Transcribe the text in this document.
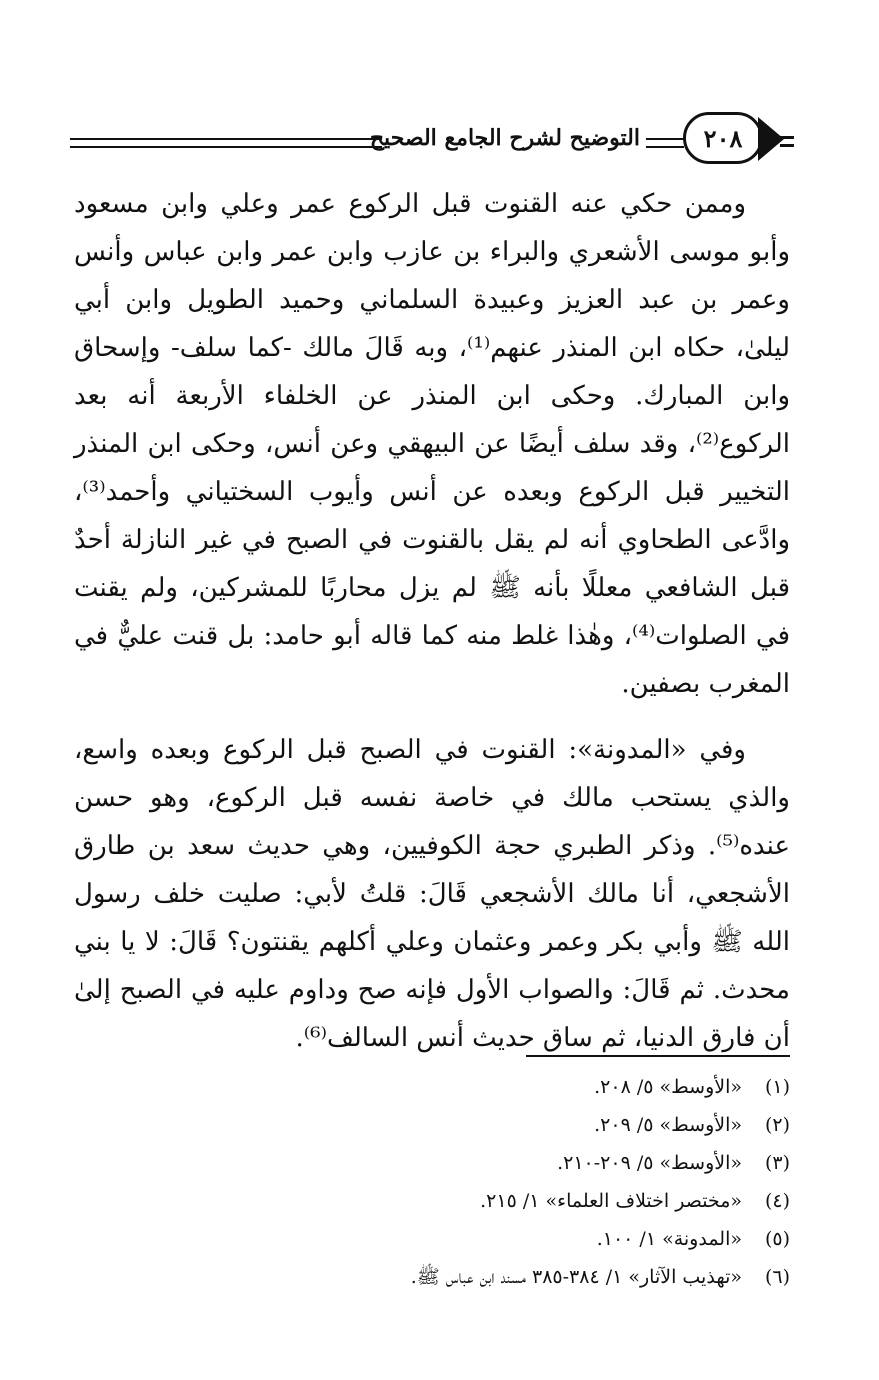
التوضيح لشرح الجامع الصحيح	٢٠٨

وممن حكي عنه القنوت قبل الركوع عمر وعلي وابن مسعود وأبو موسى الأشعري والبراء بن عازب وابن عمر وابن عباس وأنس وعمر بن عبد العزيز وعبيدة السلماني وحميد الطويل وابن أبي ليلىٰ، حكاه ابن المنذر عنهم⁽¹⁾، وبه قَالَ مالك -كما سلف- وإسحاق وابن المبارك. وحكى ابن المنذر عن الخلفاء الأربعة أنه بعد الركوع⁽²⁾، وقد سلف أيضًا عن البيهقي وعن أنس، وحكى ابن المنذر التخيير قبل الركوع وبعده عن أنس وأيوب السختياني وأحمد⁽³⁾، وادَّعى الطحاوي أنه لم يقل بالقنوت في الصبح في غير النازلة أحدٌ قبل الشافعي معللًا بأنه ﷺ لم يزل محاربًا للمشركين، ولم يقنت في الصلوات⁽⁴⁾، وهٰذا غلط منه كما قاله أبو حامد: بل قنت عليٌّ في المغرب بصفين.

وفي «المدونة»: القنوت في الصبح قبل الركوع وبعده واسع، والذي يستحب مالك في خاصة نفسه قبل الركوع، وهو حسن عنده⁽⁵⁾. وذكر الطبري حجة الكوفيين، وهي حديث سعد بن طارق الأشجعي، أنا مالك الأشجعي قَالَ: قلتُ لأبي: صليت خلف رسول الله ﷺ وأبي بكر وعمر وعثمان وعلي أكلهم يقنتون؟ قَالَ: لا يا بني محدث. ثم قَالَ: والصواب الأول فإنه صح وداوم عليه في الصبح إلىٰ أن فارق الدنيا، ثم ساق حديث أنس السالف⁽⁶⁾.

(١)
«الأوسط» ٥/ ٢٠٨.
(٢)
«الأوسط» ٥/ ٢٠٩.
(٣)
«الأوسط» ٥/ ٢٠٩-٢١٠.
(٤)
«مختصر اختلاف العلماء» ١/ ٢١٥.
(٥)
«المدونة» ١/ ١٠٠.
(٦)
«تهذيب الآثار» ١/ ٣٨٤-٣٨٥ مسند ابن عباس ﷺ.
